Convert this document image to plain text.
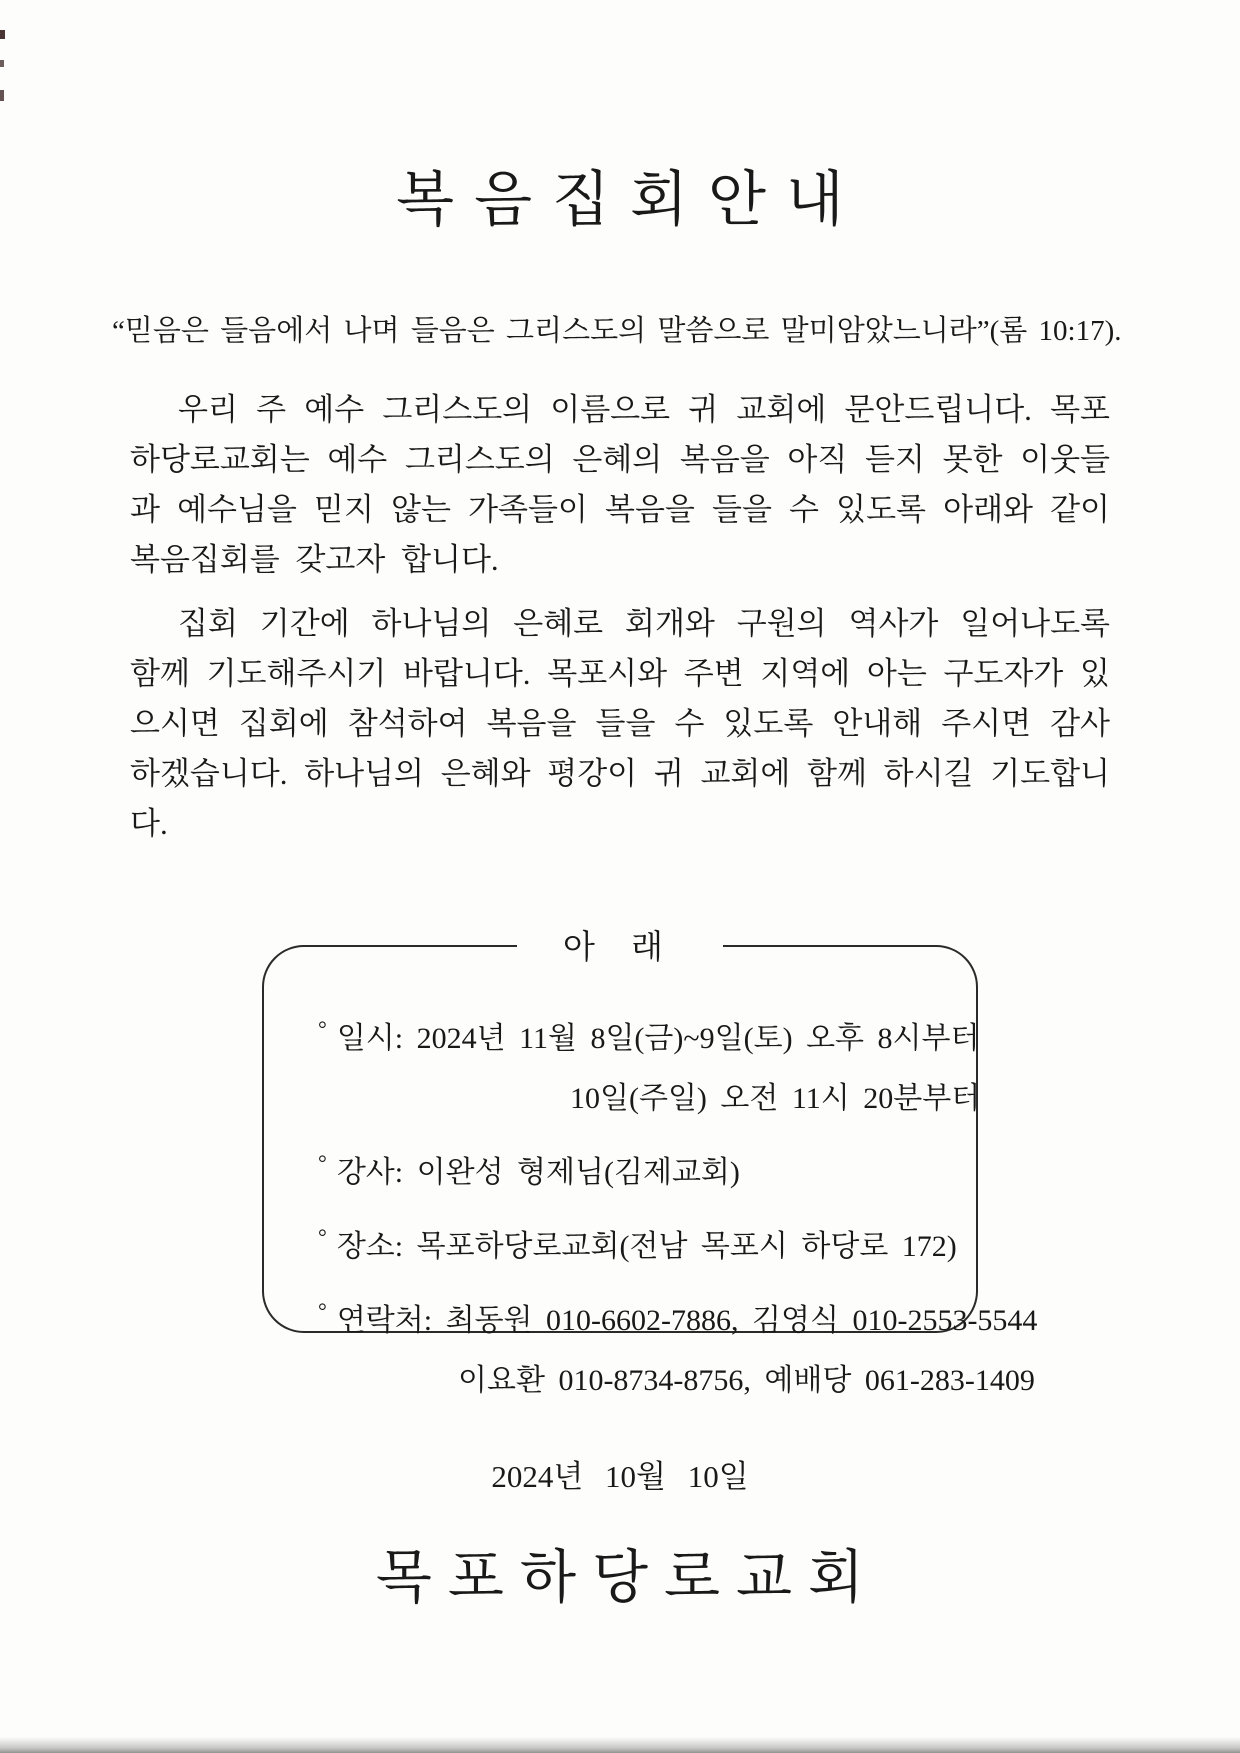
복음집회안내
“믿음은 들음에서 나며 들음은 그리스도의 말씀으로 말미암았느니라”(롬 10:17).

우리 주 예수 그리스도의 이름으로 귀 교회에 문안드립니다. 목포하당로교회는 예수 그리스도의 은혜의 복음을 아직 듣지 못한 이웃들과 예수님을 믿지 않는 가족들이 복음을 들을 수 있도록 아래와 같이 복음집회를 갖고자 합니다.

집회 기간에 하나님의 은혜로 회개와 구원의 역사가 일어나도록 함께 기도해주시기 바랍니다. 목포시와 주변 지역에 아는 구도자가 있으시면 집회에 참석하여 복음을 들을 수 있도록 안내해 주시면 감사하겠습니다. 하나님의 은혜와 평강이 귀 교회에 함께 하시길 기도합니다.

아 래
° 일시: 2024년 11월 8일(금)~9일(토) 오후 8시부터
10일(주일) 오전 11시 20분부터
° 강사: 이완성 형제님(김제교회)
° 장소: 목포하당로교회(전남 목포시 하당로 172)
° 연락처: 최동원 010-6602-7886, 김영식 010-2553-5544
이요환 010-8734-8756, 예배당 061-283-1409
2024년 10월 10일
목포하당로교회
